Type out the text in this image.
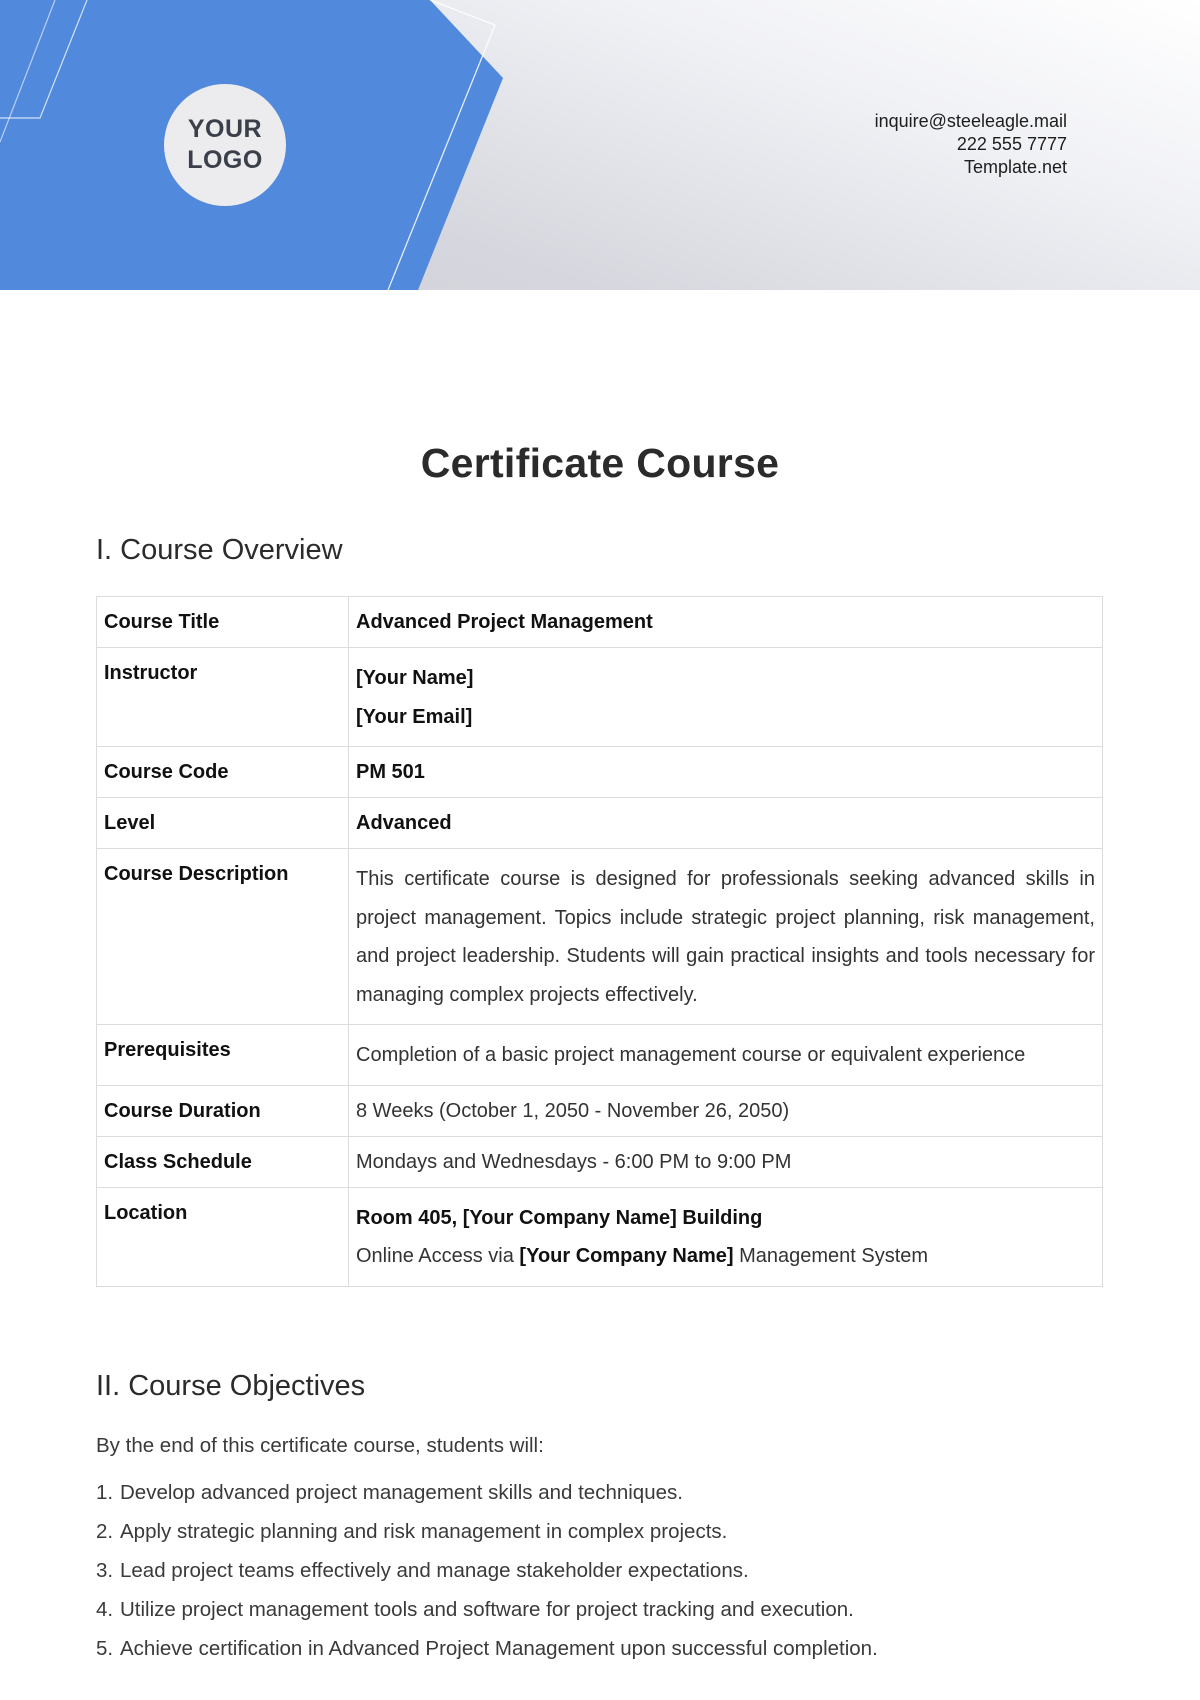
YOUR
LOGO
inquire@steeleagle.mail
222 555 7777
Template.net
Certificate Course
I. Course Overview
Course Title	Advanced Project Management
Instructor	[Your Name]
[Your Email]

Course Code	PM 501
Level	Advanced
Course Description	This certificate course is designed for professionals seeking advanced skills in project management. Topics include strategic project planning, risk management, and project leadership. Students will gain practical insights and tools necessary for managing complex projects effectively.
Prerequisites	Completion of a basic project management course or equivalent experience
Course Duration	8 Weeks (October 1, 2050 - November 26, 2050)
Class Schedule	Mondays and Wednesdays - 6:00 PM to 9:00 PM
Location	Room 405, [Your Company Name] Building
Online Access via [Your Company Name] Management System
II. Course Objectives

By the end of this certificate course, students will:

1. Develop advanced project management skills and techniques.
2. Apply strategic planning and risk management in complex projects.
3. Lead project teams effectively and manage stakeholder expectations.
4. Utilize project management tools and software for project tracking and execution.
5. Achieve certification in Advanced Project Management upon successful completion.
